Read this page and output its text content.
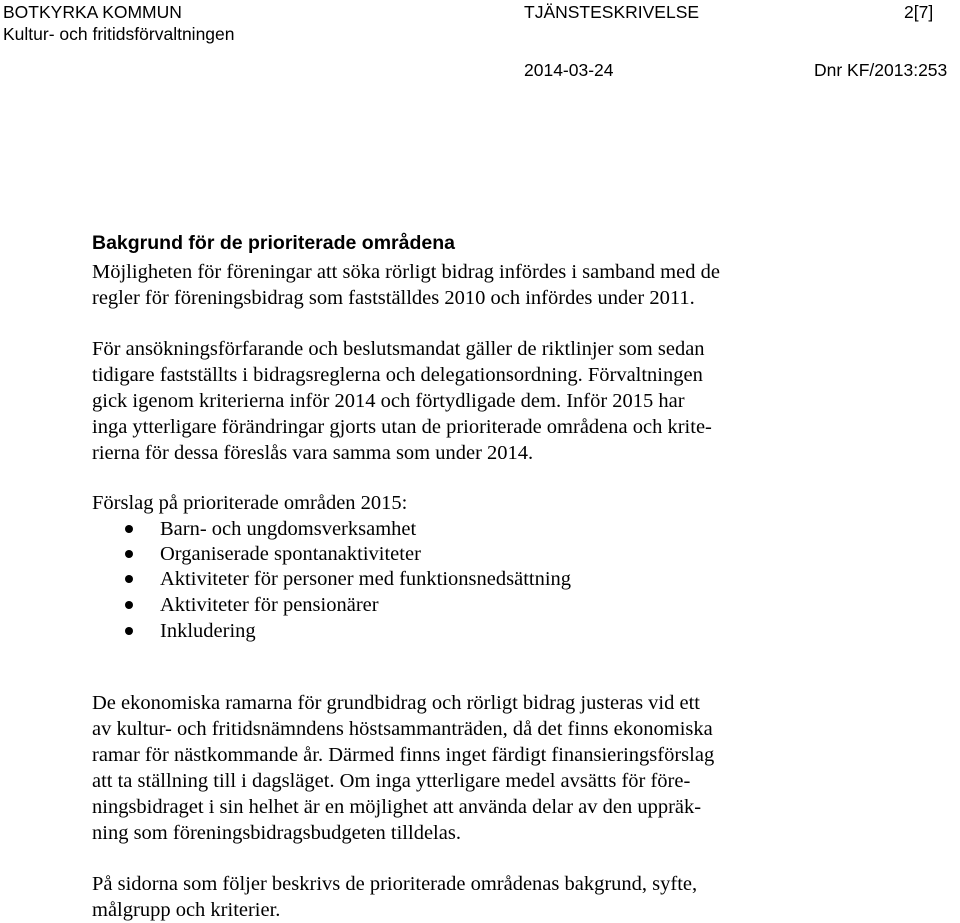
BOTKYRKA KOMMUN	TJÄNSTESKRIVELSE	2[7]
Kultur- och fritidsförvaltningen
2014-03-24	Dnr KF/2013:253
Bakgrund för de prioriterade områdena
Möjligheten för föreningar att söka rörligt bidrag infördes i samband med de
regler för föreningsbidrag som fastställdes 2010 och infördes under 2011.
För ansökningsförfarande och beslutsmandat gäller de riktlinjer som sedan
tidigare fastställts i bidragsreglerna och delegationsordning. Förvaltningen
gick igenom kriterierna inför 2014 och förtydligade dem. Inför 2015 har
inga ytterligare förändringar gjorts utan de prioriterade områdena och krite-
rierna för dessa föreslås vara samma som under 2014.
Förslag på prioriterade områden 2015:
Barn- och ungdomsverksamhet
Organiserade spontanaktiviteter
Aktiviteter för personer med funktionsnedsättning
Aktiviteter för pensionärer
Inkludering
De ekonomiska ramarna för grundbidrag och rörligt bidrag justeras vid ett
av kultur- och fritidsnämndens höstsammanträden, då det finns ekonomiska
ramar för nästkommande år. Därmed finns inget färdigt finansieringsförslag
att ta ställning till i dagsläget. Om inga ytterligare medel avsätts för före-
ningsbidraget i sin helhet är en möjlighet att använda delar av den uppräk-
ning som föreningsbidragsbudgeten tilldelas.
På sidorna som följer beskrivs de prioriterade områdenas bakgrund, syfte,
målgrupp och kriterier.
